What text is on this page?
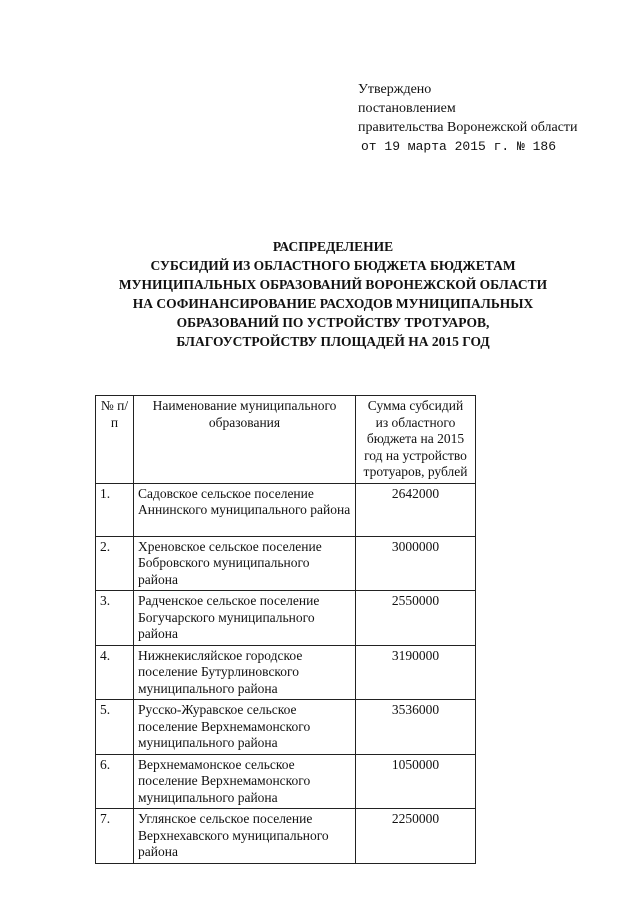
Утверждено
постановлением
правительства Воронежской области
от 19 марта 2015 г. № 186
РАСПРЕДЕЛЕНИЕ
СУБСИДИЙ ИЗ ОБЛАСТНОГО БЮДЖЕТА БЮДЖЕТАМ
МУНИЦИПАЛЬНЫХ ОБРАЗОВАНИЙ ВОРОНЕЖСКОЙ ОБЛАСТИ
НА СОФИНАНСИРОВАНИЕ РАСХОДОВ МУНИЦИПАЛЬНЫХ
ОБРАЗОВАНИЙ ПО УСТРОЙСТВУ ТРОТУАРОВ,
БЛАГОУСТРОЙСТВУ ПЛОЩАДЕЙ НА 2015 ГОД
№ п/п	Наименование муниципального образования	Сумма субсидий из областного бюджета на 2015 год на устройство тротуаров, рублей
1.	Садовское сельское поселение Аннинского муниципального района	2642000
2.	Хреновское сельское поселение Бобровского муниципального района	3000000
3.	Радченское сельское поселение Богучарского муниципального района	2550000
4.	Нижнекисляйское городское поселение Бутурлиновского муниципального района	3190000
5.	Русско-Журавское сельское поселение Верхнемамонского муниципального района	3536000
6.	Верхнемамонское сельское поселение Верхнемамонского муниципального района	1050000
7.	Углянское сельское поселение Верхнехавского муниципального района	2250000
